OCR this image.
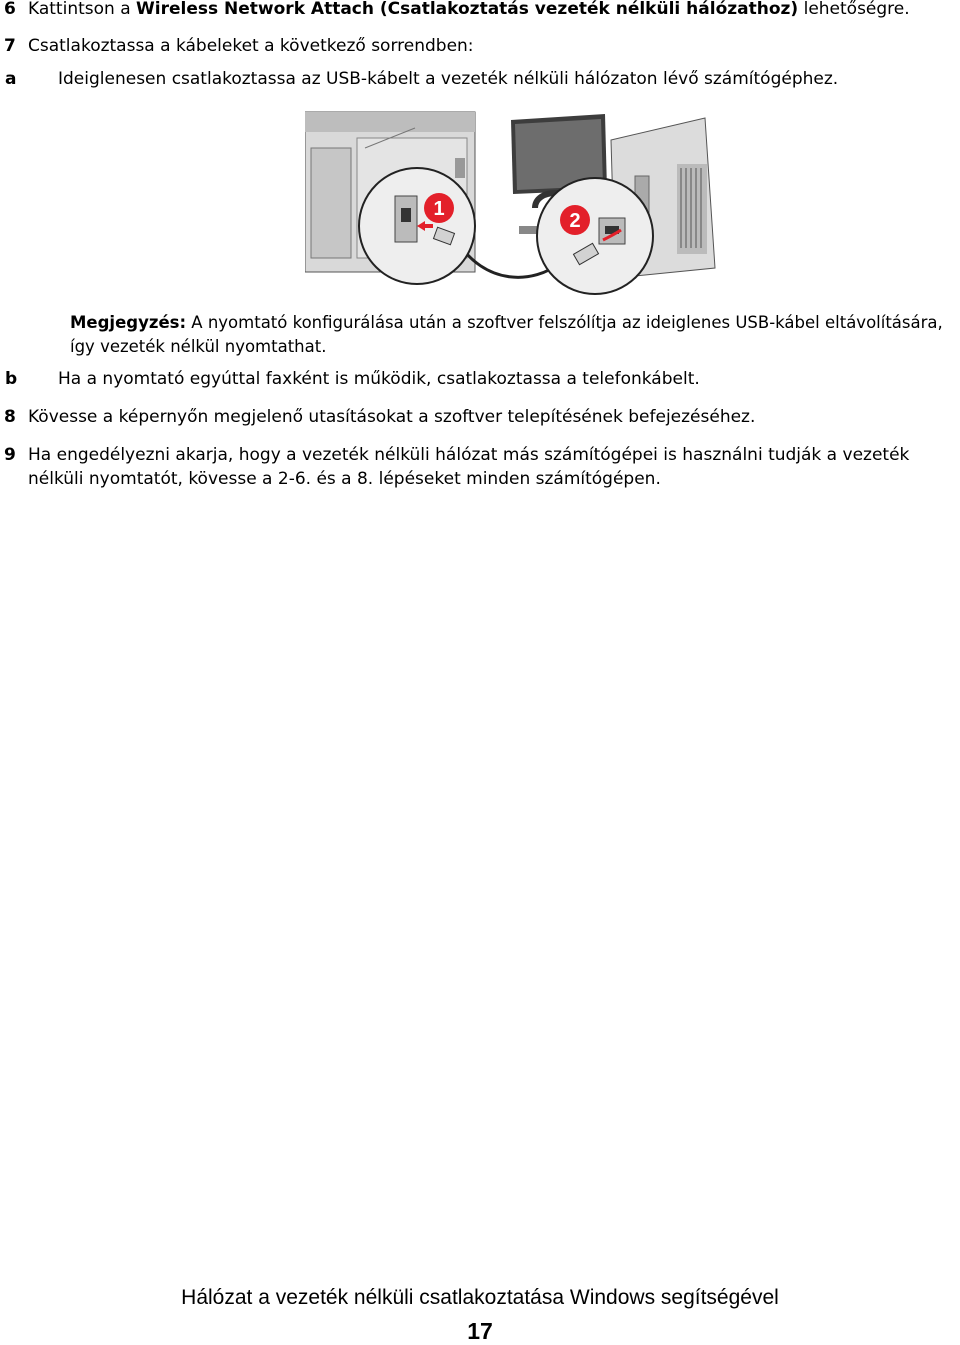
6 Kattintson a Wireless Network Attach (Csatlakoztatás vezeték nélküli hálózathoz) lehetőségre.
7 Csatlakoztassa a kábeleket a következő sorrendben:
a Ideiglenesen csatlakoztassa az USB-kábelt a vezeték nélküli hálózaton lévő számítógéphez.
1
2
Megjegyzés: A nyomtató konfigurálása után a szoftver felszólítja az ideiglenes USB-kábel eltávolítására, így vezeték nélkül nyomtathat.
b Ha a nyomtató egyúttal faxként is működik, csatlakoztassa a telefonkábelt.
8 Kövesse a képernyőn megjelenő utasításokat a szoftver telepítésének befejezéséhez.
9 Ha engedélyezni akarja, hogy a vezeték nélküli hálózat más számítógépei is használni tudják a vezeték nélküli nyomtatót, kövesse a 2-6. és a 8. lépéseket minden számítógépen.
Hálózat a vezeték nélküli csatlakoztatása Windows segítségével
17
